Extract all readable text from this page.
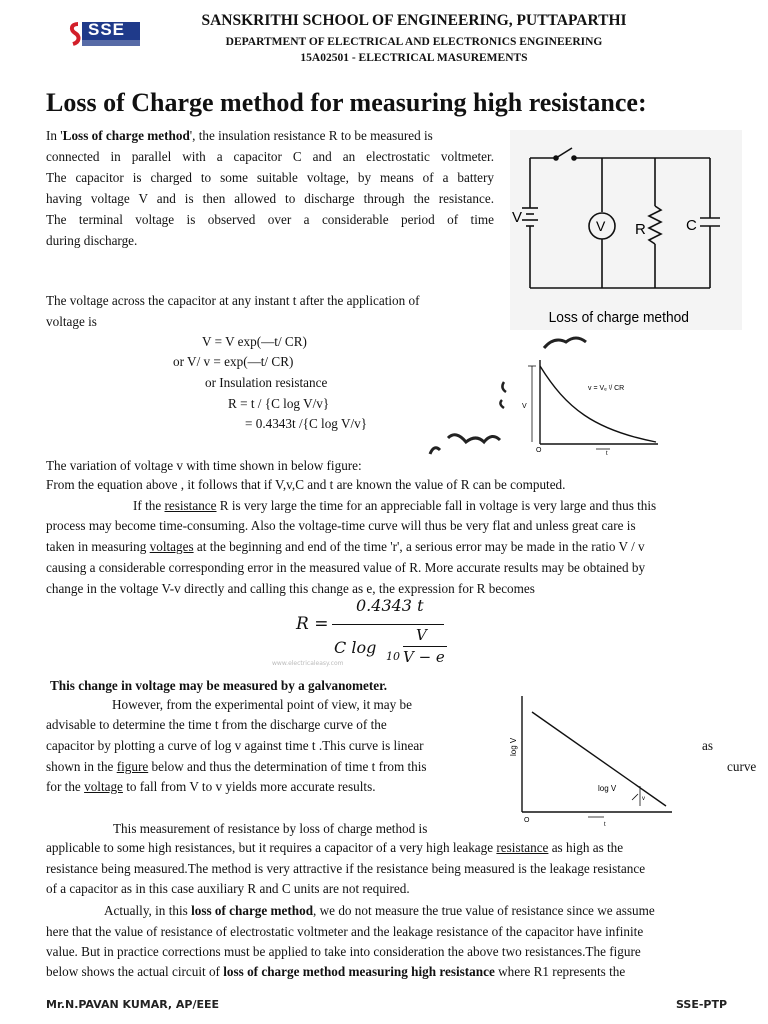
SSE	SANSKRITHI SCHOOL OF ENGINEERING, PUTTAPARTHI
DEPARTMENT OF ELECTRICAL AND ELECTRONICS ENGINEERING
15A02501 - ELECTRICAL MASUREMENTS
Loss of Charge method for measuring high resistance:

In 'Loss of charge method', the insulation resistance R to be measured is

connected in parallel with a capacitor C and an electrostatic voltmeter.

The capacitor is charged to some suitable voltage, by means of a battery

having voltage V and is then allowed to discharge through the resistance.

The terminal voltage is observed over a considerable period of time

during discharge.

V	V R	C
Loss of charge method

The voltage across the capacitor at any instant t after the application of

voltage is

V = V exp(—t/ CR)
or V/ v = exp(—t/ CR)
or Insulation resistance
R = t / {C log V/v}
= 0.4343t /{C log V/v}
V
v = Vₑ ᵗ/ CR
O	t

The variation of voltage v with time shown in below figure:

From the equation above , it follows that if V,v,C and t are known the value of R can be computed.

If the resistance R is very large the time for an appreciable fall in voltage is very large and thus this

process may become time-consuming. Also the voltage-time curve will thus be very flat and unless great care is

taken in measuring voltages at the beginning and end of the time 'r', a serious error may be made in the ratio V / v

causing a considerable corresponding error in the measured value of R. More accurate results may be obtained by

change in the voltage V-v directly and calling this change as e, the expression for R becomes

R =
0.4343 t
C log 10
V
V − e
www.electricaleasy.com

This change in voltage may be measured by a galvanometer.

However, from the experimental point of view, it may be

advisable to determine the time t from the discharge curve of the

capacitor by plotting a curve of log v against time t .This curve is linear

shown in the figure below and thus the determination of time t from this

for the voltage to fall from V to v yields more accurate results.

as

curve

log V
log V
v
O
t

This measurement of resistance by loss of charge method is

applicable to some high resistances, but it requires a capacitor of a very high leakage resistance as high as the

resistance being measured.The method is very attractive if the resistance being measured is the leakage resistance

of a capacitor as in this case auxiliary R and C units are not required.

Actually, in this loss of charge method, we do not measure the true value of resistance since we assume

here that the value of resistance of electrostatic voltmeter and the leakage resistance of the capacitor have infinite

value. But in practice corrections must be applied to take into consideration the above two resistances.The figure

below shows the actual circuit of loss of charge method measuring high resistance where R1 represents the

Mr.N.PAVAN KUMAR, AP/EEE	SSE-PTP
